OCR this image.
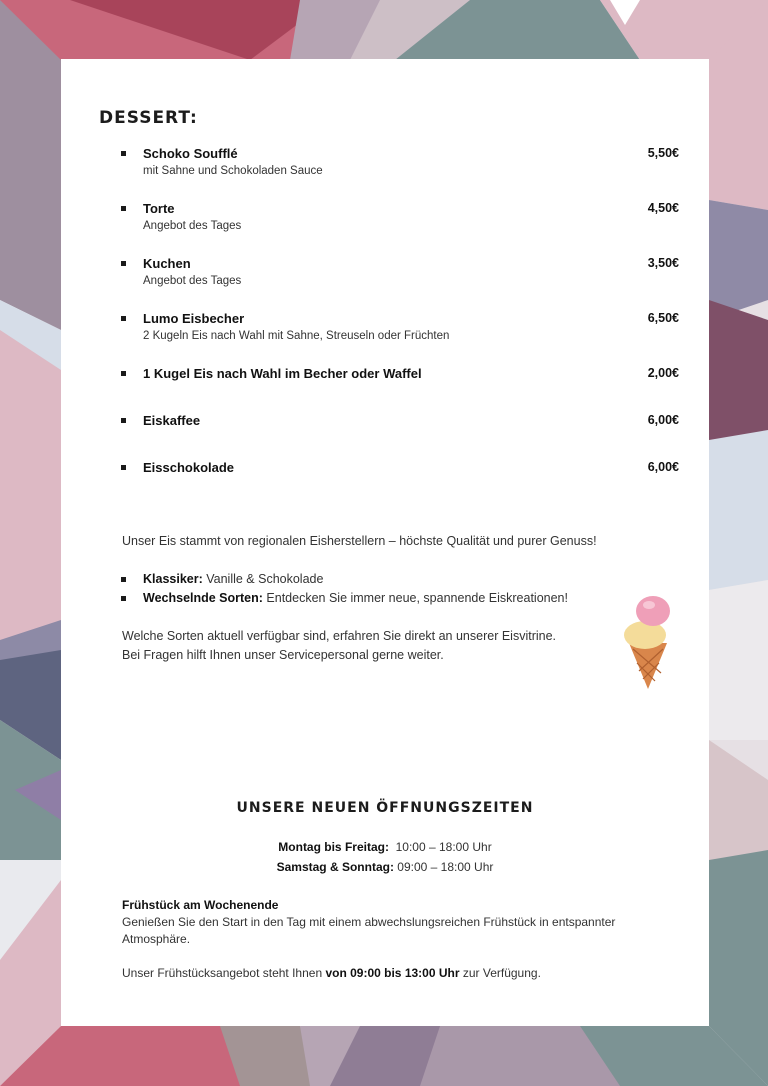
DESSERT:
Schoko Soufflé
mit Sahne und Schokoladen Sauce
5,50€
Torte
Angebot des Tages
4,50€
Kuchen
Angebot des Tages
3,50€
Lumo Eisbecher
2 Kugeln Eis nach Wahl mit Sahne, Streuseln oder Früchten
6,50€
1 Kugel Eis nach Wahl im Becher oder Waffel	2,00€
Eiskaffee	6,00€
Eisschokolade	6,00€

Unser Eis stammt von regionalen Eisherstellern – höchste Qualität und purer Genuss!

Klassiker: Vanille & Schokolade
Wechselnde Sorten: Entdecken Sie immer neue, spannende Eiskreationen!

Welche Sorten aktuell verfügbar sind, erfahren Sie direkt an unserer Eisvitrine.

Bei Fragen hilft Ihnen unser Servicepersonal gerne weiter.

UNSERE NEUEN ÖFFNUNGSZEITEN
Montag bis Freitag:  10:00 – 18:00 Uhr
Samstag & Sonntag: 09:00 – 18:00 Uhr
Frühstück am Wochenende
Genießen Sie den Start in den Tag mit einem abwechslungsreichen Frühstück in entspannter Atmosphäre.
Unser Frühstücksangebot steht Ihnen von 09:00 bis 13:00 Uhr zur Verfügung.
